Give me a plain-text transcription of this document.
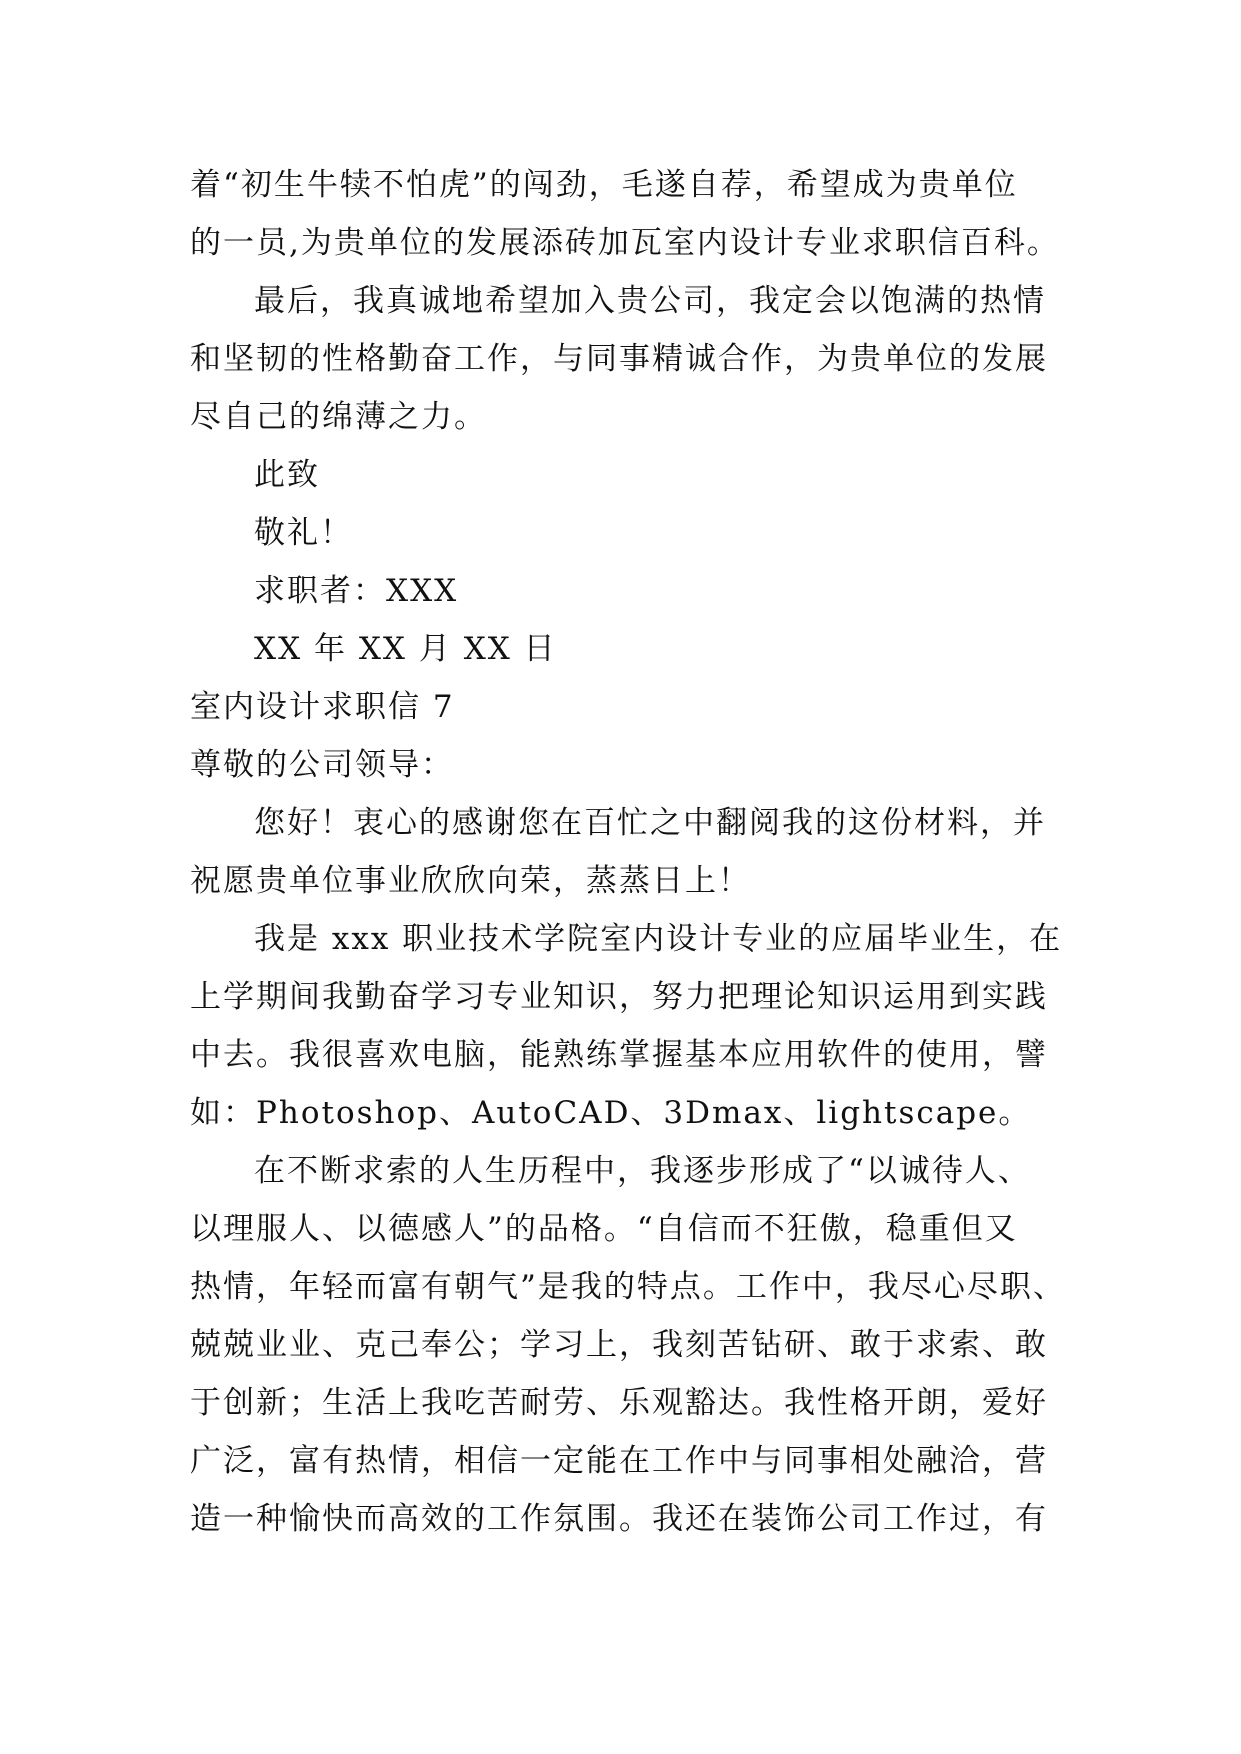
着“初生牛犊不怕虎”的闯劲，毛遂自荐，希望成为贵单位
的一员,为贵单位的发展添砖加瓦室内设计专业求职信百科。
最后，我真诚地希望加入贵公司，我定会以饱满的热情
和坚韧的性格勤奋工作，与同事精诚合作，为贵单位的发展
尽自己的绵薄之力。
此致
敬礼！
求职者：XXX
XX 年 XX 月 XX 日
室内设计求职信 7
尊敬的公司领导：
您好！衷心的感谢您在百忙之中翻阅我的这份材料，并
祝愿贵单位事业欣欣向荣，蒸蒸日上！
我是 xxx 职业技术学院室内设计专业的应届毕业生，在
上学期间我勤奋学习专业知识，努力把理论知识运用到实践
中去。我很喜欢电脑，能熟练掌握基本应用软件的使用，譬
如：Photoshop、AutoCAD、3Dmax、lightscape。
在不断求索的人生历程中，我逐步形成了“以诚待人、
以理服人、以德感人”的品格。“自信而不狂傲，稳重但又
热情，年轻而富有朝气”是我的特点。工作中，我尽心尽职、
兢兢业业、克己奉公；学习上，我刻苦钻研、敢于求索、敢
于创新；生活上我吃苦耐劳、乐观豁达。我性格开朗，爱好
广泛，富有热情，相信一定能在工作中与同事相处融洽，营
造一种愉快而高效的工作氛围。我还在装饰公司工作过，有
